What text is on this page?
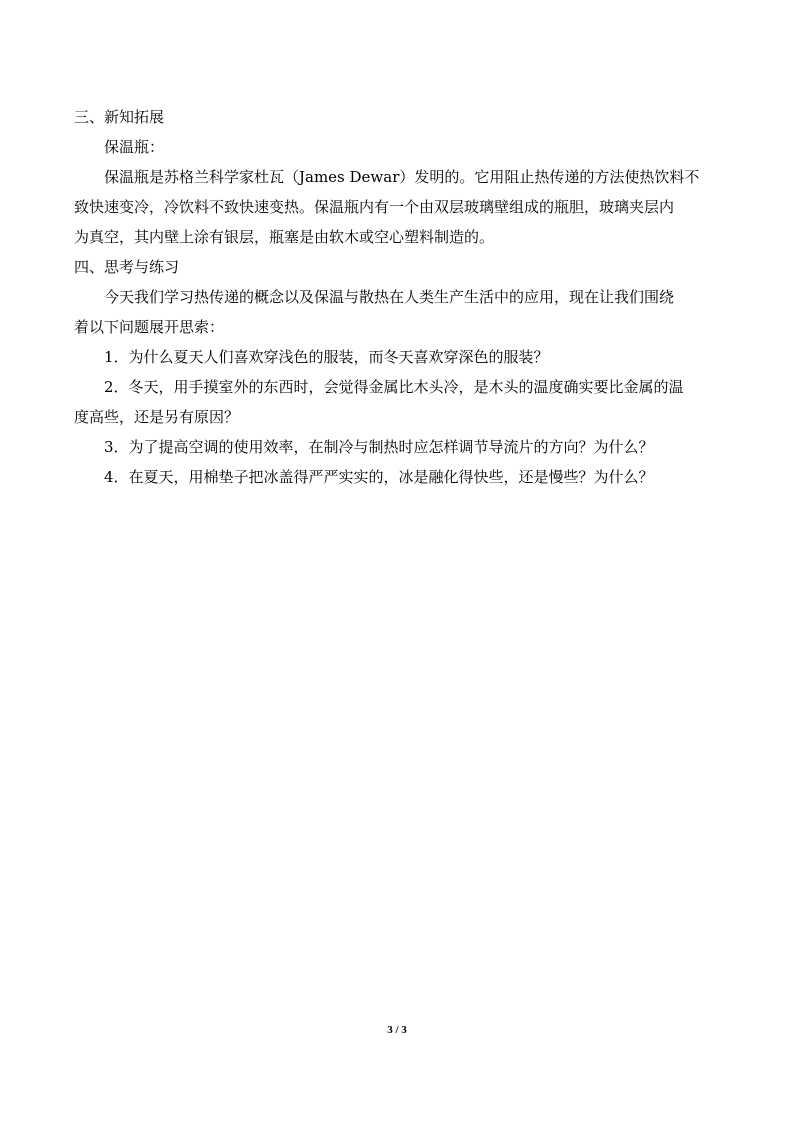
三、新知拓展
保温瓶：
保温瓶是苏格兰科学家杜瓦（James Dewar）发明的。它用阻止热传递的方法使热饮料不
致快速变冷，冷饮料不致快速变热。保温瓶内有一个由双层玻璃壁组成的瓶胆，玻璃夹层内
为真空，其内壁上涂有银层，瓶塞是由软木或空心塑料制造的。
四、思考与练习
今天我们学习热传递的概念以及保温与散热在人类生产生活中的应用，现在让我们围绕
着以下问题展开思索：
1．为什么夏天人们喜欢穿浅色的服装，而冬天喜欢穿深色的服装？
2．冬天，用手摸室外的东西时，会觉得金属比木头冷，是木头的温度确实要比金属的温
度高些，还是另有原因？
3．为了提高空调的使用效率，在制冷与制热时应怎样调节导流片的方向？为什么？
4．在夏天，用棉垫子把冰盖得严严实实的，冰是融化得快些，还是慢些？为什么？
3 / 3
